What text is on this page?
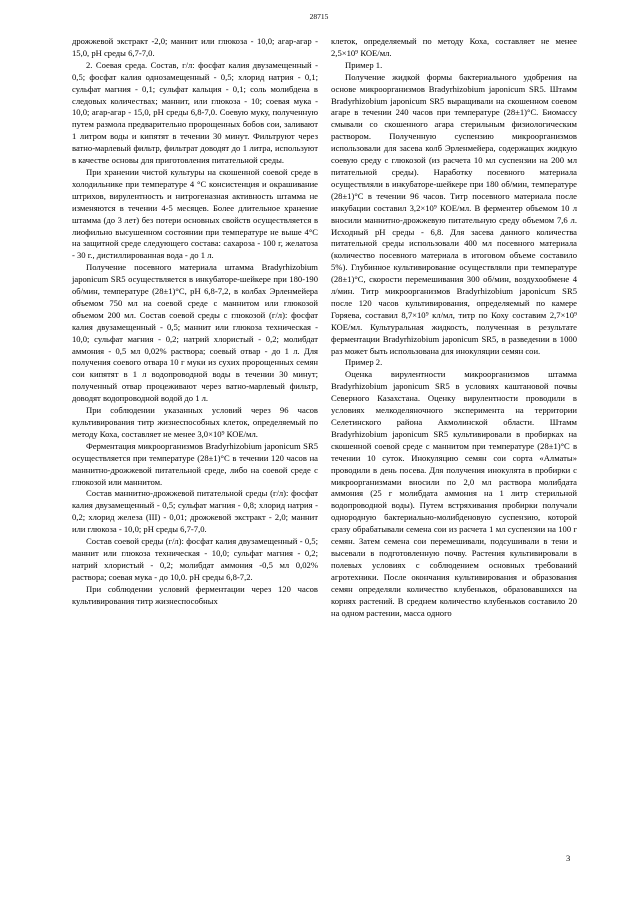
28715

дрожжевой экстракт -2,0; маннит или глюкоза - 10,0; агар-агар - 15,0, pH среды 6,7-7,0.

2. Соевая среда. Состав, г/л: фосфат калия двузамещенный - 0,5; фосфат калия однозамещенный - 0,5; хлорид натрия - 0,1; сульфат магния - 0,1; сульфат кальция - 0,1; соль молибдена в следовых количествах; маннит, или глюкоза - 10; соевая мука - 10,0; агар-агар - 15,0, pH среды 6,8-7,0. Соевую муку, полученную путем размола предварительно пророщенных бобов сои, заливают 1 литром воды и кипятят в течении 30 минут. Фильтруют через ватно-марлевый фильтр, фильтрат доводят до 1 литра, используют в качестве основы для приготовления питательной среды.

При хранении чистой культуры на скошенной соевой среде в холодильнике при температуре 4 °С консистенция и окрашивание штрихов, вирулентность и нитрогеназная активность штамма не изменяются в течении 4-5 месяцев. Более длительное хранение штамма (до 3 лет) без потери основных свойств осуществляется в лиофильно высушенном состоянии при температуре не выше 4°С на защитной среде следующего состава: сахароза - 100 г, желатоза - 30 г., дистиллированная вода - до 1 л.

Получение посевного материала штамма Bradyrhizobium japonicum SR5 осуществляется в инкубаторе-шейкере при 180-190 об/мин, температуре (28±1)°С, pH 6,8-7,2, в колбах Эрленмейера объемом 750 мл на соевой среде с маннитом или глюкозой объемом 200 мл. Состав соевой среды с глюкозой (г/л): фосфат калия двузамещенный - 0,5; маннит или глюкоза техническая - 10,0; сульфат магния - 0,2; натрий хлористый - 0,2; молибдат аммония - 0,5 мл 0,02% раствора; соевый отвар - до 1 л. Для получения соевого отвара 10 г муки из сухих пророщенных семян сои кипятят в 1 л водопроводной воды в течении 30 минут; полученный отвар процеживают через ватно-марлевый фильтр, доводят водопроводной водой до 1 л.

При соблюдении указанных условий через 96 часов культивирования титр жизнеспособных клеток, определяемый по методу Коха, составляет не менее 3,0×10⁹ КОЕ/мл.

Ферментация микроорганизмов Bradyrhizobium japonicum SR5 осуществляется при температуре (28±1)°С в течении 120 часов на маннитно-дрожжевой питательной среде, либо на соевой среде с глюкозой или маннитом.

Состав маннитно-дрожжевой питательной среды (г/л): фосфат калия двузамещенный - 0,5; сульфат магния - 0,8; хлорид натрия - 0,2; хлорид железа (III) - 0,01; дрожжевой экстракт - 2,0; маннит или глюкоза - 10,0; pH среды 6,7-7,0.

Состав соевой среды (г/л): фосфат калия двузамещенный - 0,5; маннит или глюкоза техническая - 10,0; сульфат магния - 0,2; натрий хлористый - 0,2; молибдат аммония -0,5 мл 0,02% раствора; соевая мука - до 10,0. pH среды 6,8-7,2.

При соблюдении условий ферментации через 120 часов культивирования титр жизнеспособных

клеток, определяемый по методу Коха, составляет не менее 2,5×10⁹ КОЕ/мл.

Пример 1.

Получение жидкой формы бактериального удобрения на основе микроорганизмов Bradyrhizobium japonicum SR5. Штамм Bradyrhizobium japonicum SR5 выращивали на скошенном соевом агаре в течении 240 часов при температуре (28±1)°С. Биомассу смывали со скошенного агара стерильным физиологическим раствором. Полученную суспензию микроорганизмов использовали для засева колб Эрленмейера, содержащих жидкую соевую среду с глюкозой (из расчета 10 мл суспензии на 200 мл питательной среды). Наработку посевного материала осуществляли в инкубаторе-шейкере при 180 об/мин, температуре (28±1)°С в течении 96 часов. Титр посевного материала после инкубации составил 3,2×10⁹ КОЕ/мл. В ферментер объемом 10 л вносили маннитно-дрожжевую питательную среду объемом 7,6 л. Исходный pH среды - 6,8. Для засева данного количества питательной среды использовали 400 мл посевного материала (количество посевного материала в итоговом объеме составило 5%). Глубинное культивирование осуществляли при температуре (28±1)°С, скорости перемешивания 300 об/мин, воздухообмене 4 л/мин. Титр микроорганизмов Bradyrhizobium japonicum SR5 после 120 часов культивирования, определяемый по камере Горяева, составил 8,7×10⁹ кл/мл, титр по Коху составим 2,7×10⁹ КОЕ/мл. Культуральная жидкость, полученная в результате ферментации Bradyrhizobium japonicum SR5, в разведении в 1000 раз может быть использована для инокуляции семян сои.

Пример 2.

Оценка вирулентности микроорганизмов штамма Bradyrhizobium japonicum SR5 в условиях каштановой почвы Северного Казахстана. Оценку вирулентности проводили в условиях мелкоделяночного эксперимента на территории Селетинского района Акмолинской области. Штамм Bradyrhizobium japonicum SR5 культивировали в пробирках на скошенной соевой среде с маннитом при температуре (28±1)°С в течении 10 суток. Инокуляцию семян сои сорта «Алматы» проводили в день посева. Для получения инокулята в пробирки с микроорганизмами вносили по 2,0 мл раствора молибдата аммония (25 г молибдата аммония на 1 литр стерильной водопроводной воды). Путем встряхивания пробирки получали однородную бактериально-молибденовую суспензию, которой сразу обрабатывали семена сои из расчета 1 мл суспензии на 100 г семян. Затем семена сои перемешивали, подсушивали в тени и высевали в подготовленную почву. Растения культивировали в полевых условиях с соблюдением основных требований агротехники. После окончания культивирования и образования семян определяли количество клубеньков, образовавшихся на корнях растений. В среднем количество клубеньков составило 20 на одном растении, масса одного

3
